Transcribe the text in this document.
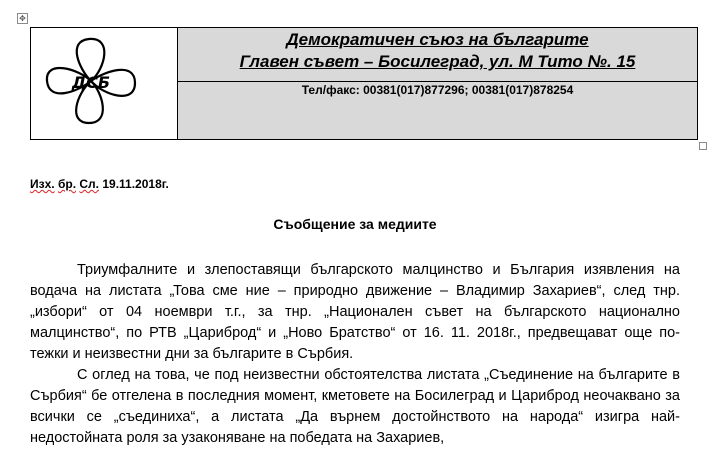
✥
ДСБ

Демократичен съюз на българите
Главен съвет – Босилеград, ул. М Тито №. 15

Тел/факс: 00381(017)877296; 00381(017)878254
Изх. бр. Сл. 19.11.2018г.
Съобщение за медиите

Триумфалните и злепоставящи българското малцинство и България изявления на водача на листата „Това сме ние – природно движение – Владимир Захариев“, след тнр. „избори“ от 04 ноември т.г., за тнр. „Национален съвет на българското национално малцинство“, по РТВ „Цариброд“ и „Ново Братство“ от 16. 11. 2018г., предвещават още по-тежки и неизвестни дни за българите в Сърбия.

С оглед на това, че под неизвестни обстоятелства листата „Съединение на българите в Сърбия“ бе отгелена в последния момент, кметовете на Босилеград и Цариброд неочаквано за всички се „съединиха“, а листата „Да върнем достойнството на народа“ изигра най-недостойната роля за узаконяване на победата на Захариев,
